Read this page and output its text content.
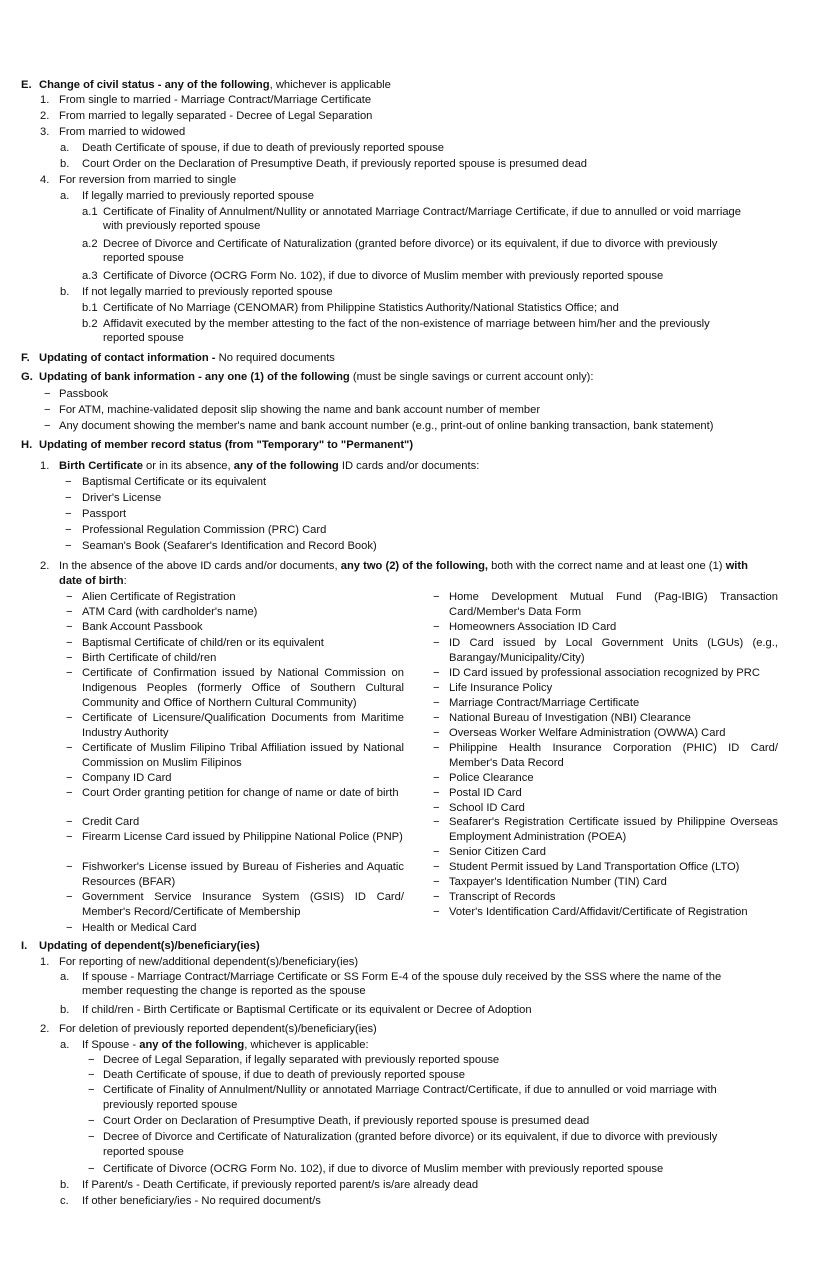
E. Change of civil status - any of the following, whichever is applicable
1. From single to married - Marriage Contract/Marriage Certificate
2. From married to legally separated - Decree of Legal Separation
3. From married to widowed
a. Death Certificate of spouse, if due to death of previously reported spouse
b. Court Order on the Declaration of Presumptive Death, if previously reported spouse is presumed dead
4. For reversion from married to single
a. If legally married to previously reported spouse
a.1 Certificate of Finality of Annulment/Nullity or annotated Marriage Contract/Marriage Certificate, if due to annulled or void marriage
with previously reported spouse
a.2 Decree of Divorce and Certificate of Naturalization (granted before divorce) or its equivalent, if due to divorce with previously
reported spouse
a.3 Certificate of Divorce (OCRG Form No. 102), if due to divorce of Muslim member with previously reported spouse
b. If not legally married to previously reported spouse
b.1 Certificate of No Marriage (CENOMAR) from Philippine Statistics Authority/National Statistics Office; and
b.2 Affidavit executed by the member attesting to the fact of the non-existence of marriage between him/her and the previously
reported spouse
F. Updating of contact information - No required documents
G. Updating of bank information - any one (1) of the following (must be single savings or current account only):
− Passbook
− For ATM, machine-validated deposit slip showing the name and bank account number of member
− Any document showing the member's name and bank account number (e.g., print-out of online banking transaction, bank statement)
H. Updating of member record status (from "Temporary" to "Permanent")
1. Birth Certificate or in its absence, any of the following ID cards and/or documents:
− Baptismal Certificate or its equivalent
− Driver's License
− Passport
− Professional Regulation Commission (PRC) Card
− Seaman's Book (Seafarer's Identification and Record Book)
2. In the absence of the above ID cards and/or documents, any two (2) of the following, both with the correct name and at least one (1) with
date of birth:
− Alien Certificate of Registration
− ATM Card (with cardholder's name)
− Bank Account Passbook
− Baptismal Certificate of child/ren or its equivalent
− Birth Certificate of child/ren
− Certificate of Confirmation issued by National Commission on Indigenous Peoples (formerly Office of Southern Cultural Community and Office of Northern Cultural Community)
− Certificate of Licensure/Qualification Documents from Maritime Industry Authority
− Certificate of Muslim Filipino Tribal Affiliation issued by National Commission on Muslim Filipinos
− Company ID Card
− Court Order granting petition for change of name or date of birth
− Credit Card
− Firearm License Card issued by Philippine National Police (PNP)
− Fishworker's License issued by Bureau of Fisheries and Aquatic Resources (BFAR)
− Government Service Insurance System (GSIS) ID Card/ Member's Record/Certificate of Membership
− Health or Medical Card
− Home Development Mutual Fund (Pag-IBIG) Transaction Card/Member's Data Form
− Homeowners Association ID Card
− ID Card issued by Local Government Units (LGUs) (e.g., Barangay/Municipality/City)
− ID Card issued by professional association recognized by PRC
− Life Insurance Policy
− Marriage Contract/Marriage Certificate
− National Bureau of Investigation (NBI) Clearance
− Overseas Worker Welfare Administration (OWWA) Card
− Philippine Health Insurance Corporation (PHIC) ID Card/ Member's Data Record
− Police Clearance
− Postal ID Card
− School ID Card
− Seafarer's Registration Certificate issued by Philippine Overseas Employment Administration (POEA)
− Senior Citizen Card
− Student Permit issued by Land Transportation Office (LTO)
− Taxpayer's Identification Number (TIN) Card
− Transcript of Records
− Voter's Identification Card/Affidavit/Certificate of Registration
I. Updating of dependent(s)/beneficiary(ies)
1. For reporting of new/additional dependent(s)/beneficiary(ies)
a. If spouse - Marriage Contract/Marriage Certificate or SS Form E-4 of the spouse duly received by the SSS where the name of the
member requesting the change is reported as the spouse
b. If child/ren - Birth Certificate or Baptismal Certificate or its equivalent or Decree of Adoption
2. For deletion of previously reported dependent(s)/beneficiary(ies)
a. If Spouse - any of the following, whichever is applicable:
− Decree of Legal Separation, if legally separated with previously reported spouse
− Death Certificate of spouse, if due to death of previously reported spouse
− Certificate of Finality of Annulment/Nullity or annotated Marriage Contract/Certificate, if due to annulled or void marriage with
previously reported spouse
− Court Order on Declaration of Presumptive Death, if previously reported spouse is presumed dead
− Decree of Divorce and Certificate of Naturalization (granted before divorce) or its equivalent, if due to divorce with previously
reported spouse
− Certificate of Divorce (OCRG Form No. 102), if due to divorce of Muslim member with previously reported spouse
b. If Parent/s - Death Certificate, if previously reported parent/s is/are already dead
c. If other beneficiary/ies - No required document/s
